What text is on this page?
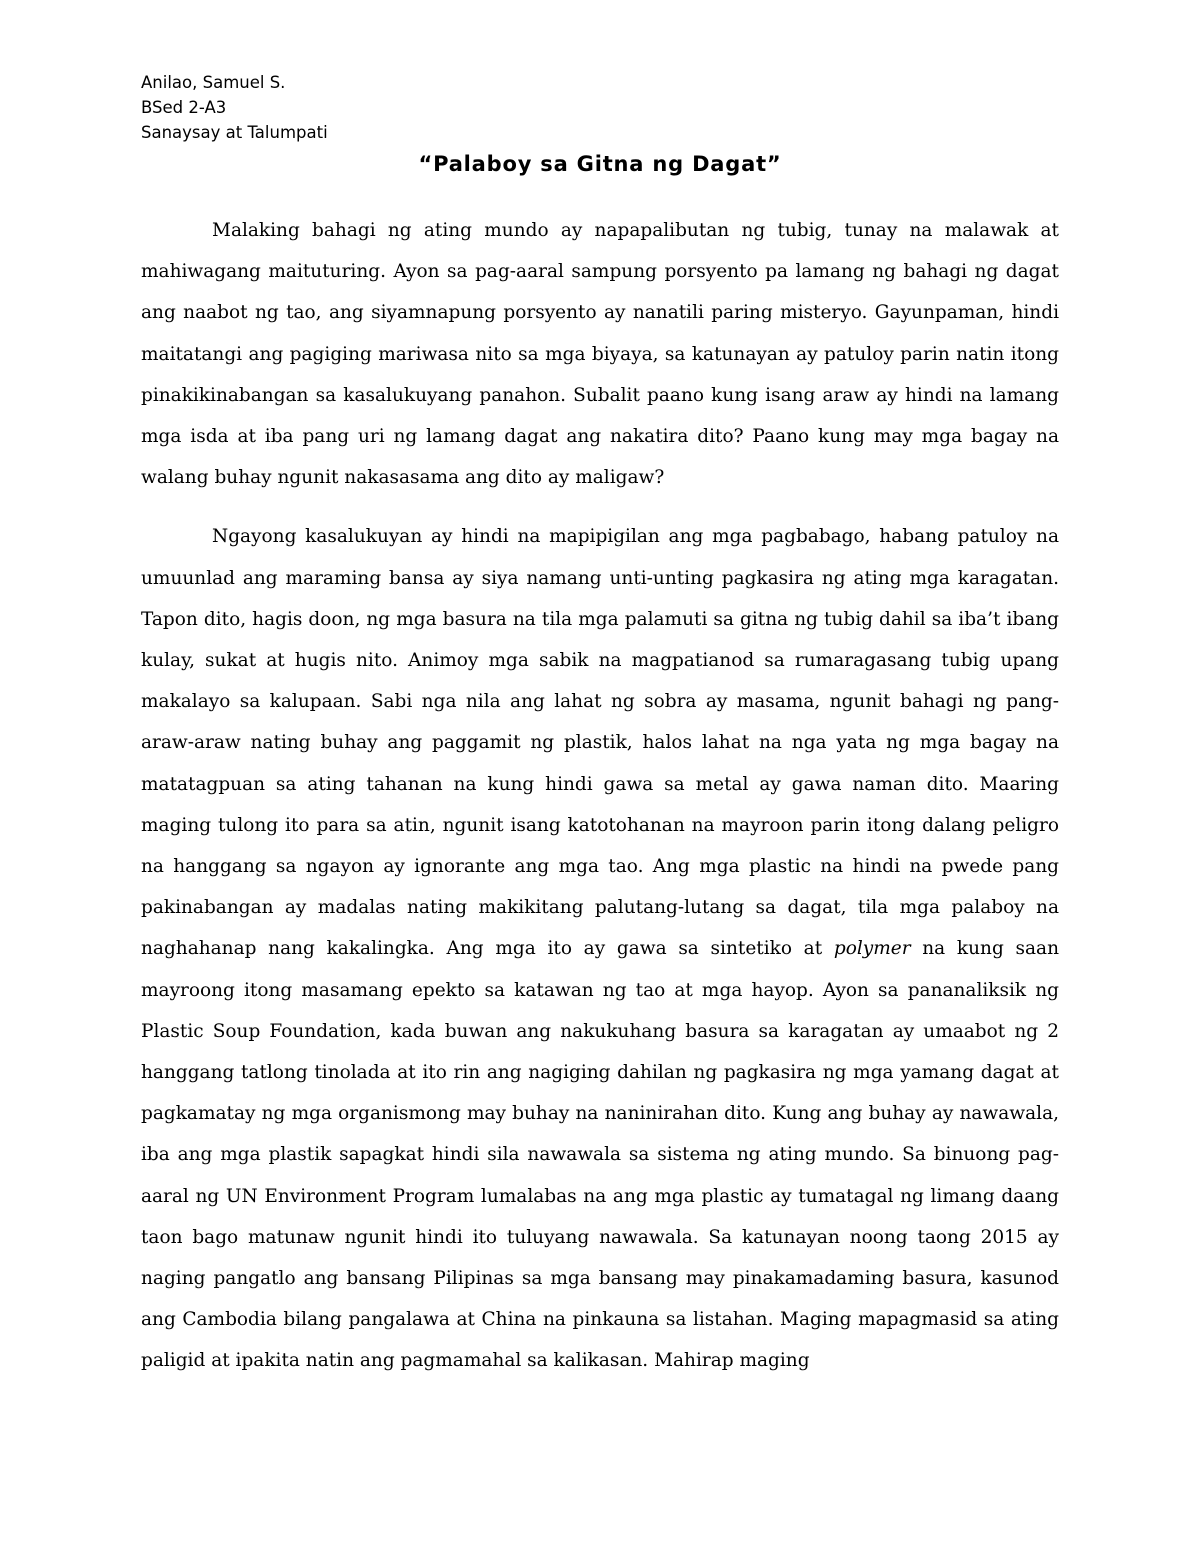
Anilao, Samuel S.
BSed 2-A3
Sanaysay at Talumpati
“Palaboy sa Gitna ng Dagat”

Malaking bahagi ng ating mundo ay napapalibutan ng tubig, tunay na malawak at mahiwagang maituturing. Ayon sa pag-aaral sampung porsyento pa lamang ng bahagi ng dagat ang naabot ng tao, ang siyamnapung porsyento ay nanatili paring misteryo. Gayunpaman, hindi maitatangi ang pagiging mariwasa nito sa mga biyaya, sa katunayan ay patuloy parin natin itong pinakikinabangan sa kasalukuyang panahon. Subalit paano kung isang araw ay hindi na lamang mga isda at iba pang uri ng lamang dagat ang nakatira dito? Paano kung may mga bagay na walang buhay ngunit nakasasama ang dito ay maligaw?

Ngayong kasalukuyan ay hindi na mapipigilan ang mga pagbabago, habang patuloy na umuunlad ang maraming bansa ay siya namang unti-unting pagkasira ng ating mga karagatan. Tapon dito, hagis doon, ng mga basura na tila mga palamuti sa gitna ng tubig dahil sa iba’t ibang kulay, sukat at hugis nito. Animoy mga sabik na magpatianod sa rumaragasang tubig upang makalayo sa kalupaan. Sabi nga nila ang lahat ng sobra ay masama, ngunit bahagi ng pang-araw-araw nating buhay ang paggamit ng plastik, halos lahat na nga yata ng mga bagay na matatagpuan sa ating tahanan na kung hindi gawa sa metal ay gawa naman dito. Maaring maging tulong ito para sa atin, ngunit isang katotohanan na mayroon parin itong dalang peligro na hanggang sa ngayon ay ignorante ang mga tao. Ang mga plastic na hindi na pwede pang pakinabangan ay madalas nating makikitang palutang-lutang sa dagat, tila mga palaboy na naghahanap nang kakalingka. Ang mga ito ay gawa sa sintetiko at polymer na kung saan mayroong itong masamang epekto sa katawan ng tao at mga hayop. Ayon sa pananaliksik ng Plastic Soup Foundation, kada buwan ang nakukuhang basura sa karagatan ay umaabot ng 2 hanggang tatlong tinolada at ito rin ang nagiging dahilan ng pagkasira ng mga yamang dagat at pagkamatay ng mga organismong may buhay na naninirahan dito. Kung ang buhay ay nawawala, iba ang mga plastik sapagkat hindi sila nawawala sa sistema ng ating mundo. Sa binuong pag-aaral ng UN Environment Program lumalabas na ang mga plastic ay tumatagal ng limang daang taon bago matunaw ngunit hindi ito tuluyang nawawala. Sa katunayan noong taong 2015 ay naging pangatlo ang bansang Pilipinas sa mga bansang may pinakamadaming basura, kasunod ang Cambodia bilang pangalawa at China na pinkauna sa listahan. Maging mapagmasid sa ating paligid at ipakita natin ang pagmamahal sa kalikasan. Mahirap maging
